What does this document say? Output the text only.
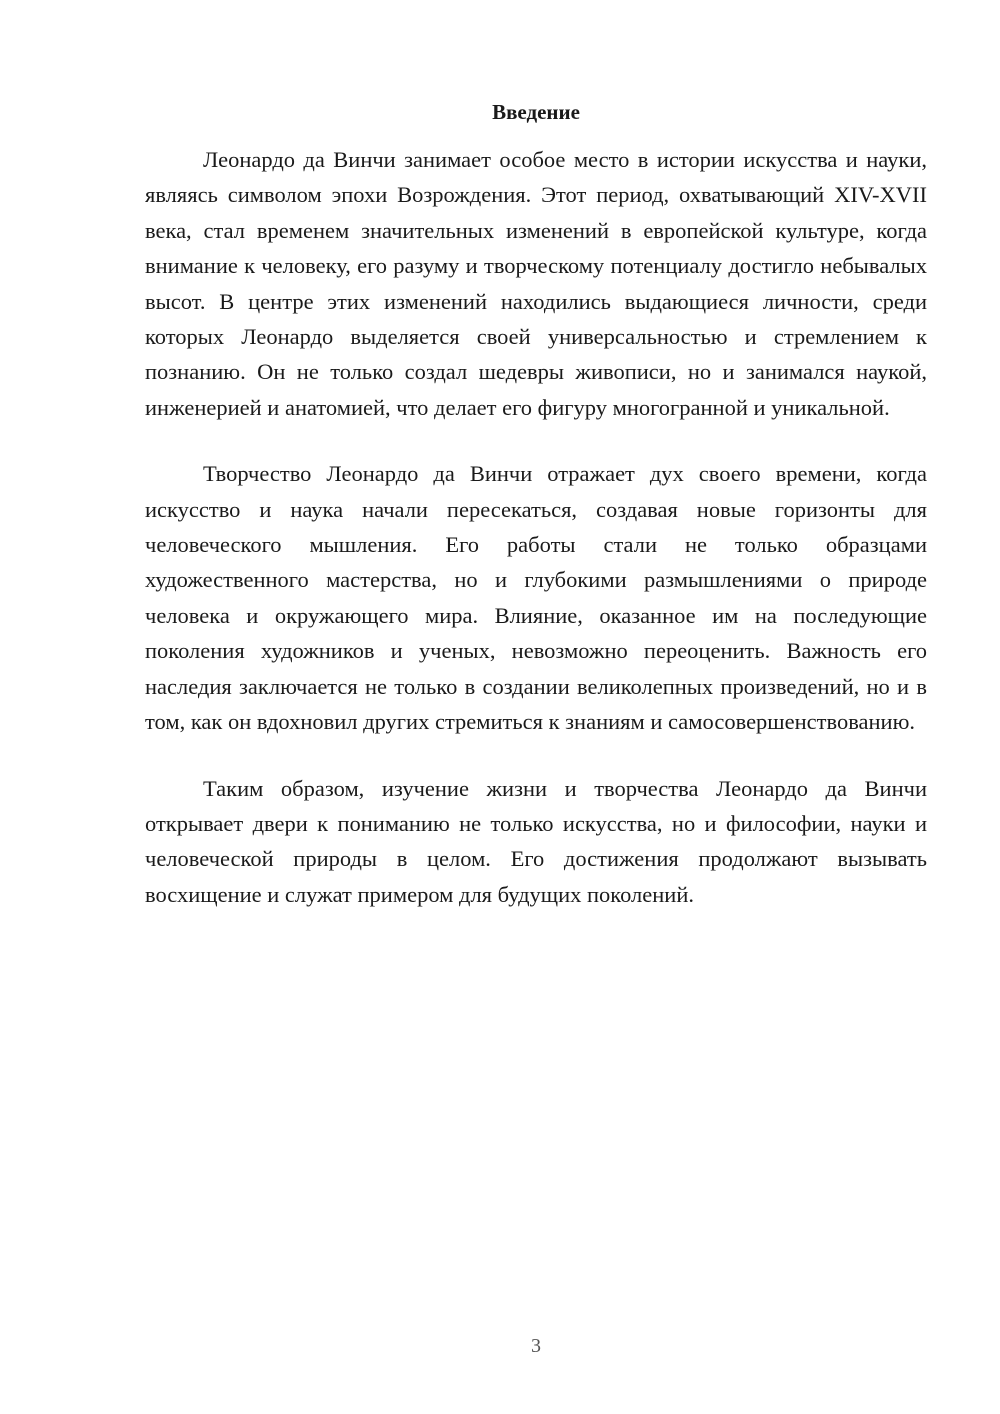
Введение

Леонардо да Винчи занимает особое место в истории искусства и науки, являясь символом эпохи Возрождения. Этот период, охватывающий XIV-XVII века, стал временем значительных изменений в европейской культуре, когда внимание к человеку, его разуму и творческому потенциалу достигло небывалых высот. В центре этих изменений находились выдающиеся личности, среди которых Леонардо выделяется своей универсальностью и стремлением к познанию. Он не только создал шедевры живописи, но и занимался наукой, инженерией и анатомией, что делает его фигуру многогранной и уникальной.

Творчество Леонардо да Винчи отражает дух своего времени, когда искусство и наука начали пересекаться, создавая новые горизонты для человеческого мышления. Его работы стали не только образцами художественного мастерства, но и глубокими размышлениями о природе человека и окружающего мира. Влияние, оказанное им на последующие поколения художников и ученых, невозможно переоценить. Важность его наследия заключается не только в создании великолепных произведений, но и в том, как он вдохновил других стремиться к знаниям и самосовершенствованию.

Таким образом, изучение жизни и творчества Леонардо да Винчи открывает двери к пониманию не только искусства, но и философии, науки и человеческой природы в целом. Его достижения продолжают вызывать восхищение и служат примером для будущих поколений.

3
